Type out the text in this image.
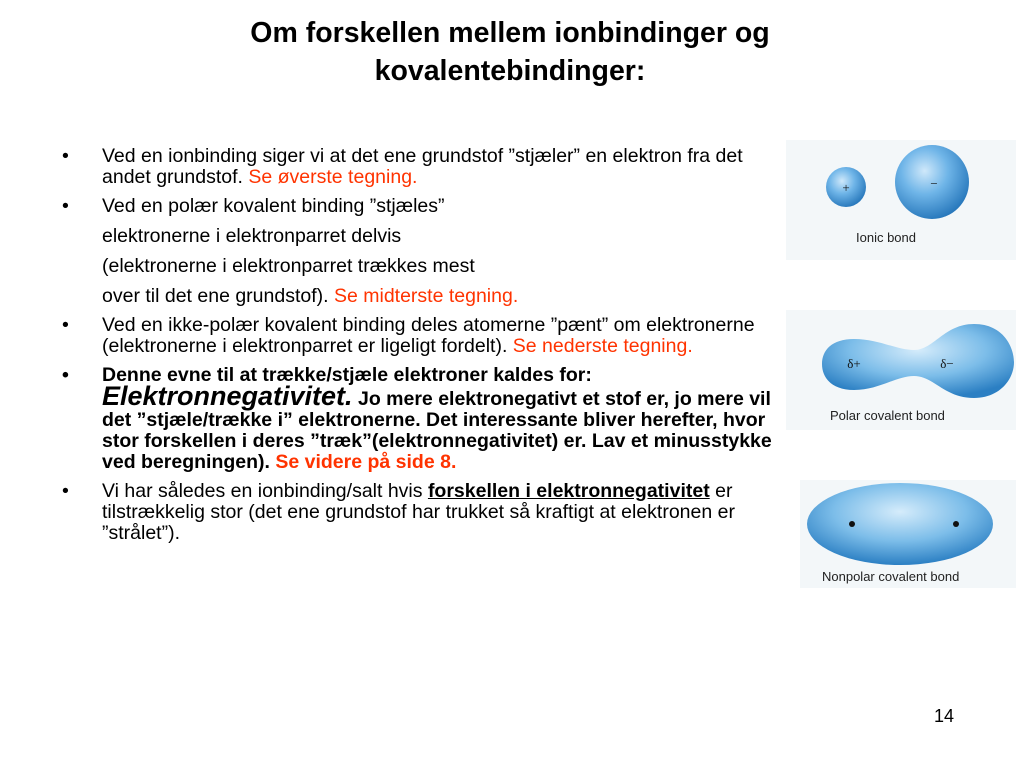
Om forskellen mellem ionbindinger og
kovalentebindinger:
• Ved en ionbinding siger vi at det ene grundstof ”stjæler” en elektron fra det andet grundstof. Se øverste tegning.
• Ved en polær kovalent binding ”stjæles”
elektronerne i elektronparret delvis
(elektronerne i elektronparret trækkes mest
over til det ene grundstof). Se midterste tegning.
• Ved en ikke-polær kovalent binding deles atomerne ”pænt” om elektronerne (elektronerne i elektronparret er ligeligt fordelt). Se nederste tegning.
• Denne evne til at trække/stjæle elektroner kaldes for: Elektronnegativitet. Jo mere elektronegativt et stof er, jo mere vil det ”stjæle/trække i” elektronerne. Det interessante bliver herefter, hvor stor forskellen i deres ”træk”(elektronnegativitet) er. Lav et minusstykke ved beregningen). Se videre på side 8.
• Vi har således en ionbinding/salt hvis forskellen i elektronnegativitet er tilstrækkelig stor (det ene grundstof har trukket så kraftigt at elektronen er ”strålet”).
+	−
Ionic bond
δ+	δ−
Polar covalent bond
Nonpolar covalent bond
14
